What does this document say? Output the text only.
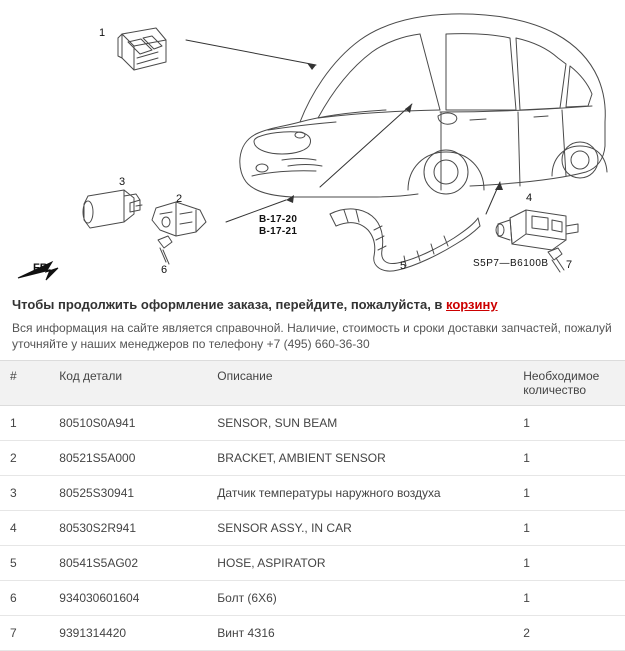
FR.
1
2
3
4
5
6	7
B-17-20
B-17-21
S5P7—B6100B

Чтобы продолжить оформление заказа, перейдите, пожалуйста, в корзину

Вся информация на сайте является справочной. Наличие, стоимость и сроки доставки запчастей, пожалуй

уточняйте у наших менеджеров по телефону +7 (495) 660-36-30

#	Код детали	Описание	Необходимое
количество
1	80510S0A941	SENSOR, SUN BEAM	1
2	80521S5A000	BRACKET, AMBIENT SENSOR	1
3	80525S30941	Датчик температуры наружного воздуха	1
4	80530S2R941	SENSOR ASSY., IN CAR	1
5	80541S5AG02	HOSE, ASPIRATOR	1
6	934030601604	Болт (6Х6)	1
7	9391314420	Винт 4З16	2
